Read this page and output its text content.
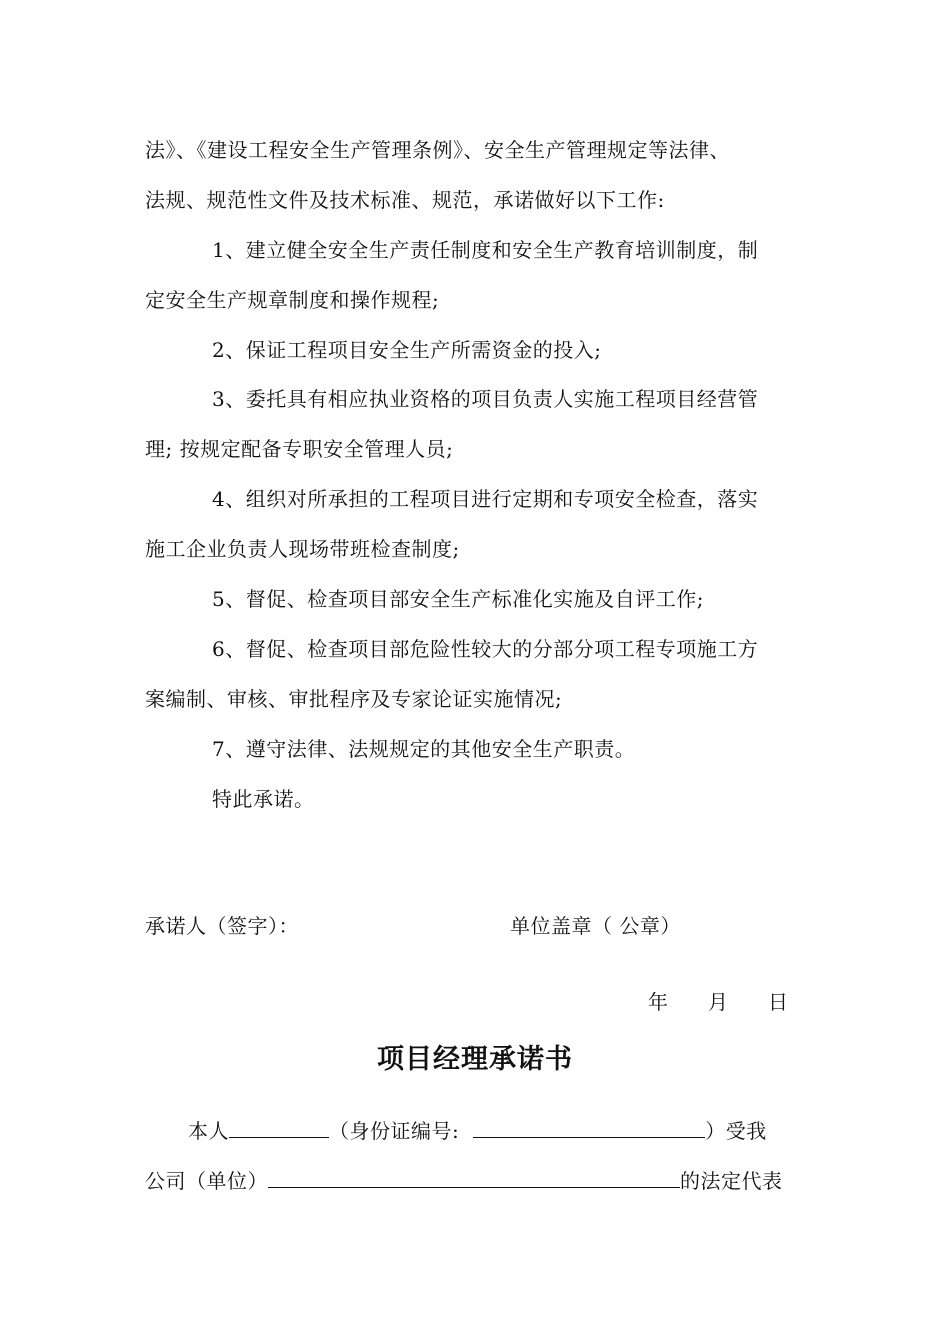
法》、《建设工程安全生产管理条例》、安全生产管理规定等法律、
法规、规范性文件及技术标准、规范，承诺做好以下工作:
1、建立健全安全生产责任制度和安全生产教育培训制度，制
定安全生产规章制度和操作规程;
2、保证工程项目安全生产所需资金的投入;
3、委托具有相应执业资格的项目负责人实施工程项目经营管
理; 按规定配备专职安全管理人员;
4、组织对所承担的工程项目进行定期和专项安全检查，落实
施工企业负责人现场带班检查制度;
5、督促、检查项目部安全生产标准化实施及自评工作;
6、督促、检查项目部危险性较大的分部分项工程专项施工方
案编制、审核、审批程序及专家论证实施情况;
7、遵守法律、法规规定的其他安全生产职责。
特此承诺。
承诺人（签字）：	单位盖章（ 公章）
年 月 日
项目经理承诺书
本人	（身份证编号:	）受我
公司（单位）	的法定代表
